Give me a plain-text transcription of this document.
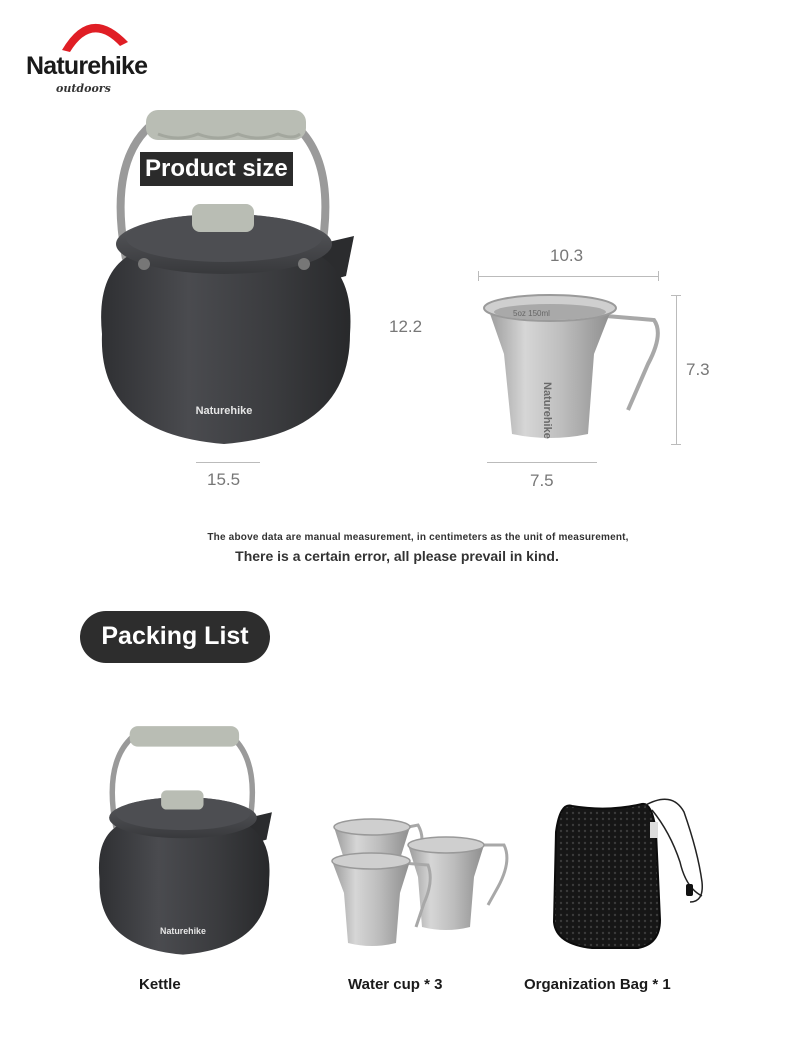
Naturehike
outdoors
Naturehike
Product size
12.2
15.5
10.3
5oz 150ml
Naturehike
7.3
7.5
The above data are manual measurement, in centimeters as the unit of measurement,
There is a certain error, all please prevail in kind.
Packing List
Naturehike
Kettle	Water cup * 3	Organization Bag * 1
